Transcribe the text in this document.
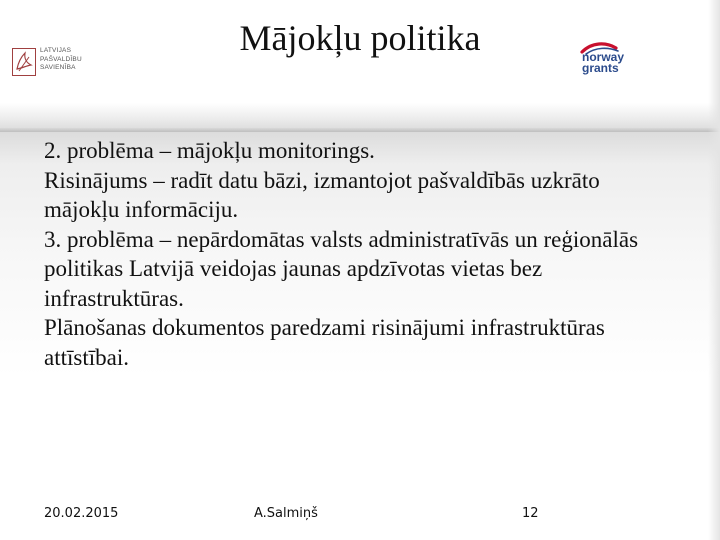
LATVIJAS
PAŠVALDĪBU
SAVIENĪBA
Mājokļu politika	norway
grants

2. problēma – mājokļu monitorings.

Risinājums – radīt datu bāzi, izmantojot pašvaldībās uzkrāto mājokļu informāciju.

3. problēma – nepārdomātas valsts administratīvās un reģionālās politikas Latvijā veidojas jaunas apdzīvotas vietas bez infrastruktūras.

Plānošanas dokumentos paredzami risinājumi infrastruktūras attīstībai.

20.02.2015	A.Salmiņš	12
